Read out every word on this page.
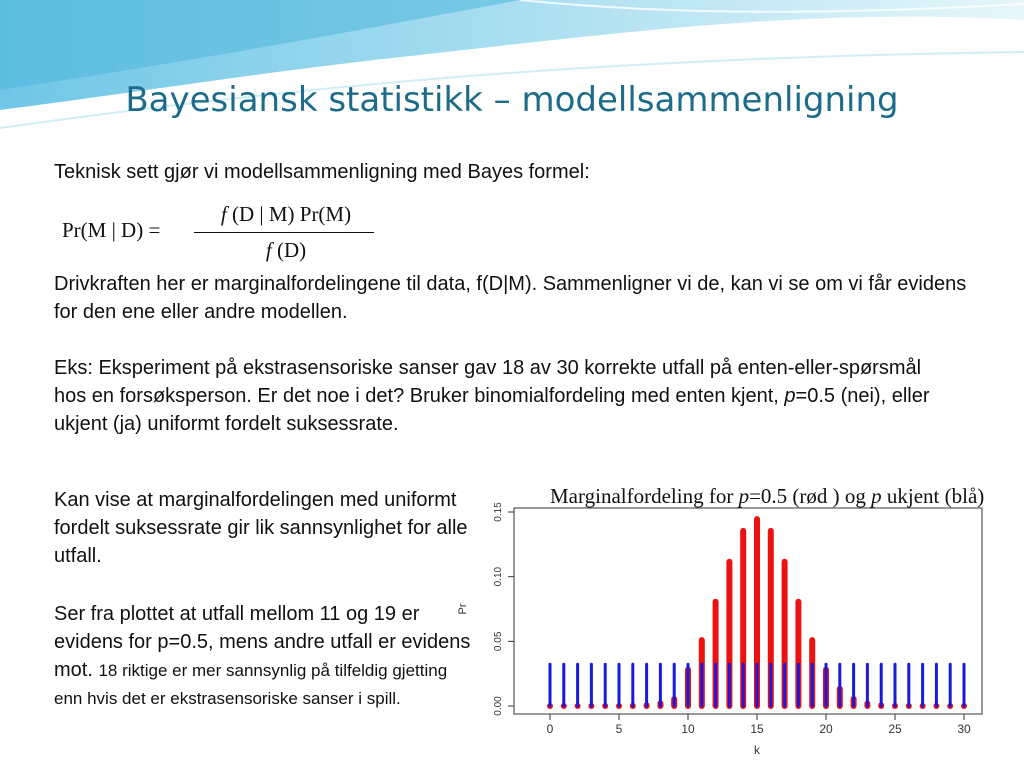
Bayesiansk statistikk – modellsammenligning
Teknisk sett gjør vi modellsammenligning med Bayes formel:
Pr(M | D) =
f (D | M) Pr(M)
f (D)
Drivkraften her er marginalfordelingene til data, f(D|M). Sammenligner vi de, kan vi se om vi får evidens for den ene eller andre modellen.
Eks: Eksperiment på ekstrasensoriske sanser gav 18 av 30 korrekte utfall på enten-eller-spørsmål hos en forsøksperson. Er det noe i det? Bruker binomialfordeling med enten kjent, p=0.5 (nei), eller ukjent (ja) uniformt fordelt suksessrate.
Kan vise at marginalfordelingen med uniformt fordelt suksessrate gir lik sannsynlighet for alle utfall.
Ser fra plottet at utfall mellom 11 og 19 er evidens for p=0.5, mens andre utfall er evidens mot. 18 riktige er mer sannsynlig på tilfeldig gjetting enn hvis det er ekstrasensoriske sanser i spill.	0.00
0.05
0.10
0.15
Pr
0	5	10	15	20	25	30
k
Marginalfordeling for p=0.5 (rød ) og p ukjent (blå)
